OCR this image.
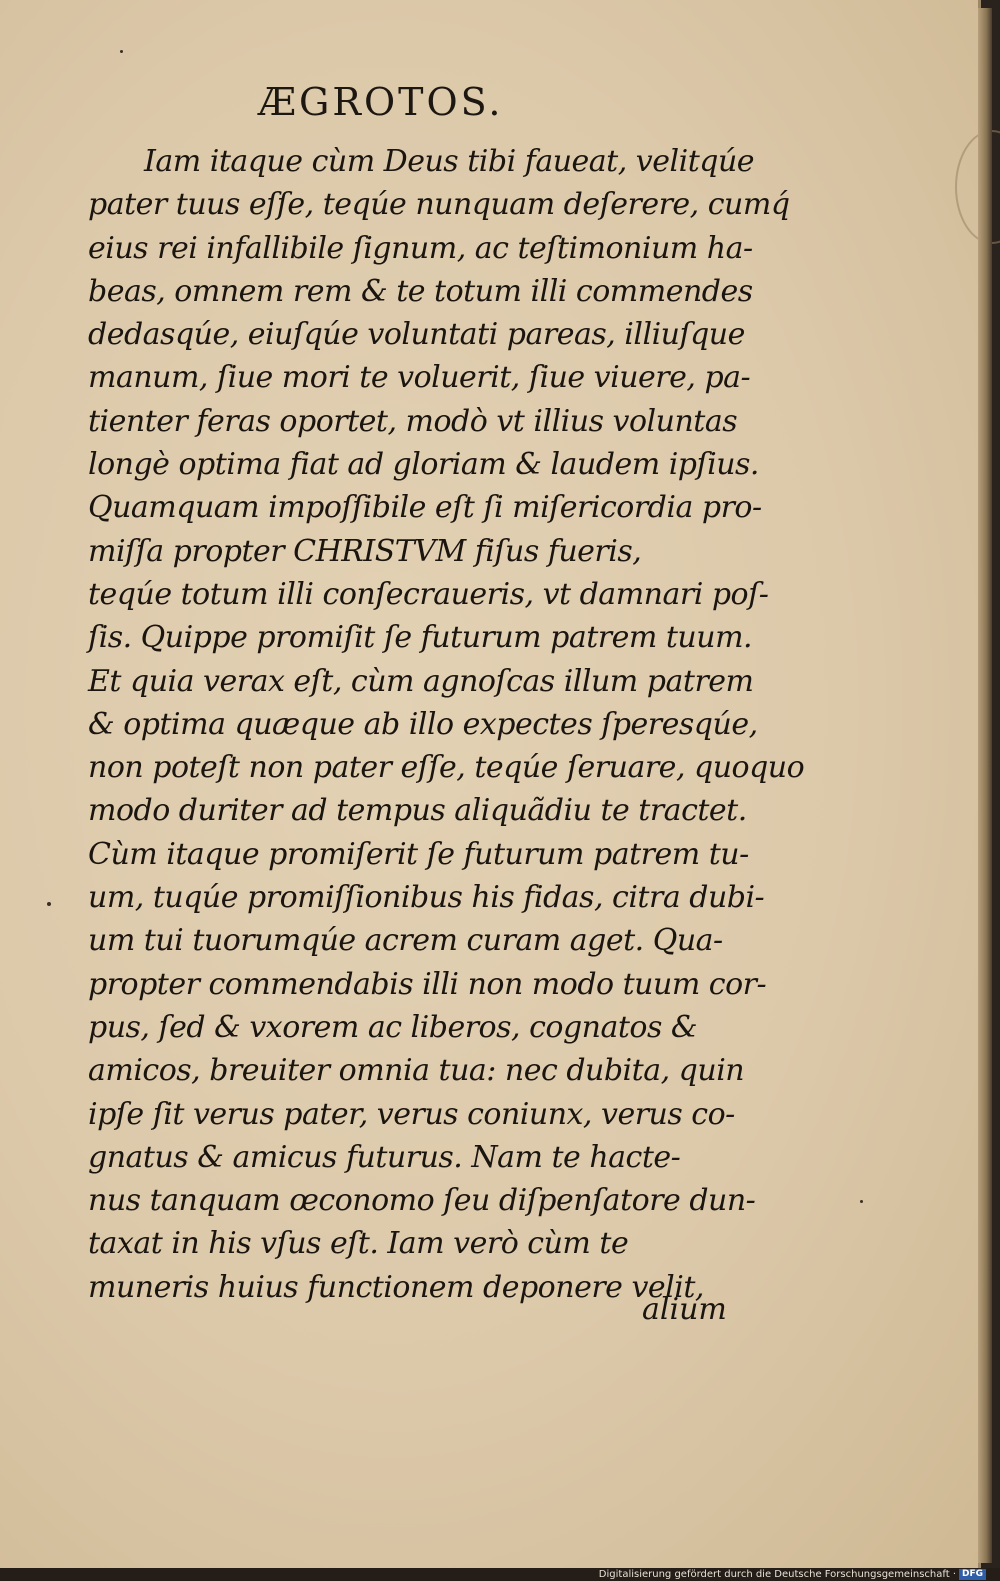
ÆGROTOS.
Iam itaque cùm Deus tibi faueat, velitqúe
pater tuus eſſe, teqúe nunquam deſerere, cumq́
eius rei infallibile ſignum, ac teſtimonium ha-
beas, omnem rem & te totum illi commendes
dedasqúe, eiuſqúe voluntati pareas, illiuſque
manum, ſiue mori te voluerit, ſiue viuere, pa-
tienter feras oportet, modò vt illius voluntas
longè optima fiat ad gloriam & laudem ipſius.
Quamquam impoſſibile eſt ſi miſericordia pro-
miſſa propter CHRISTVM fiſus fueris,
teqúe totum illi conſecraueris, vt damnari poſ-
ſis. Quippe promiſit ſe futurum patrem tuum.
Et quia verax eſt, cùm agnoſcas illum patrem
& optima quæque ab illo expectes ſperesqúe,
non poteſt non pater eſſe, teqúe ſeruare, quoquo
modo duriter ad tempus aliquãdiu te tractet.
Cùm itaque promiſerit ſe futurum patrem tu-
um, tuqúe promiſſionibus his fidas, citra dubi-
um tui tuorumqúe acrem curam aget. Qua-
propter commendabis illi non modo tuum cor-
pus, ſed & vxorem ac liberos, cognatos &
amicos, breuiter omnia tua: nec dubita, quin
ipſe ſit verus pater, verus coniunx, verus co-
gnatus & amicus futurus. Nam te hacte-
nus tanquam œconomo ſeu diſpenſatore dun-
taxat in his vſus eſt. Iam verò cùm te
muneris huius functionem deponere velit,
alium
Digitalisierung gefördert durch die Deutsche Forschungsgemeinschaft · DFG
